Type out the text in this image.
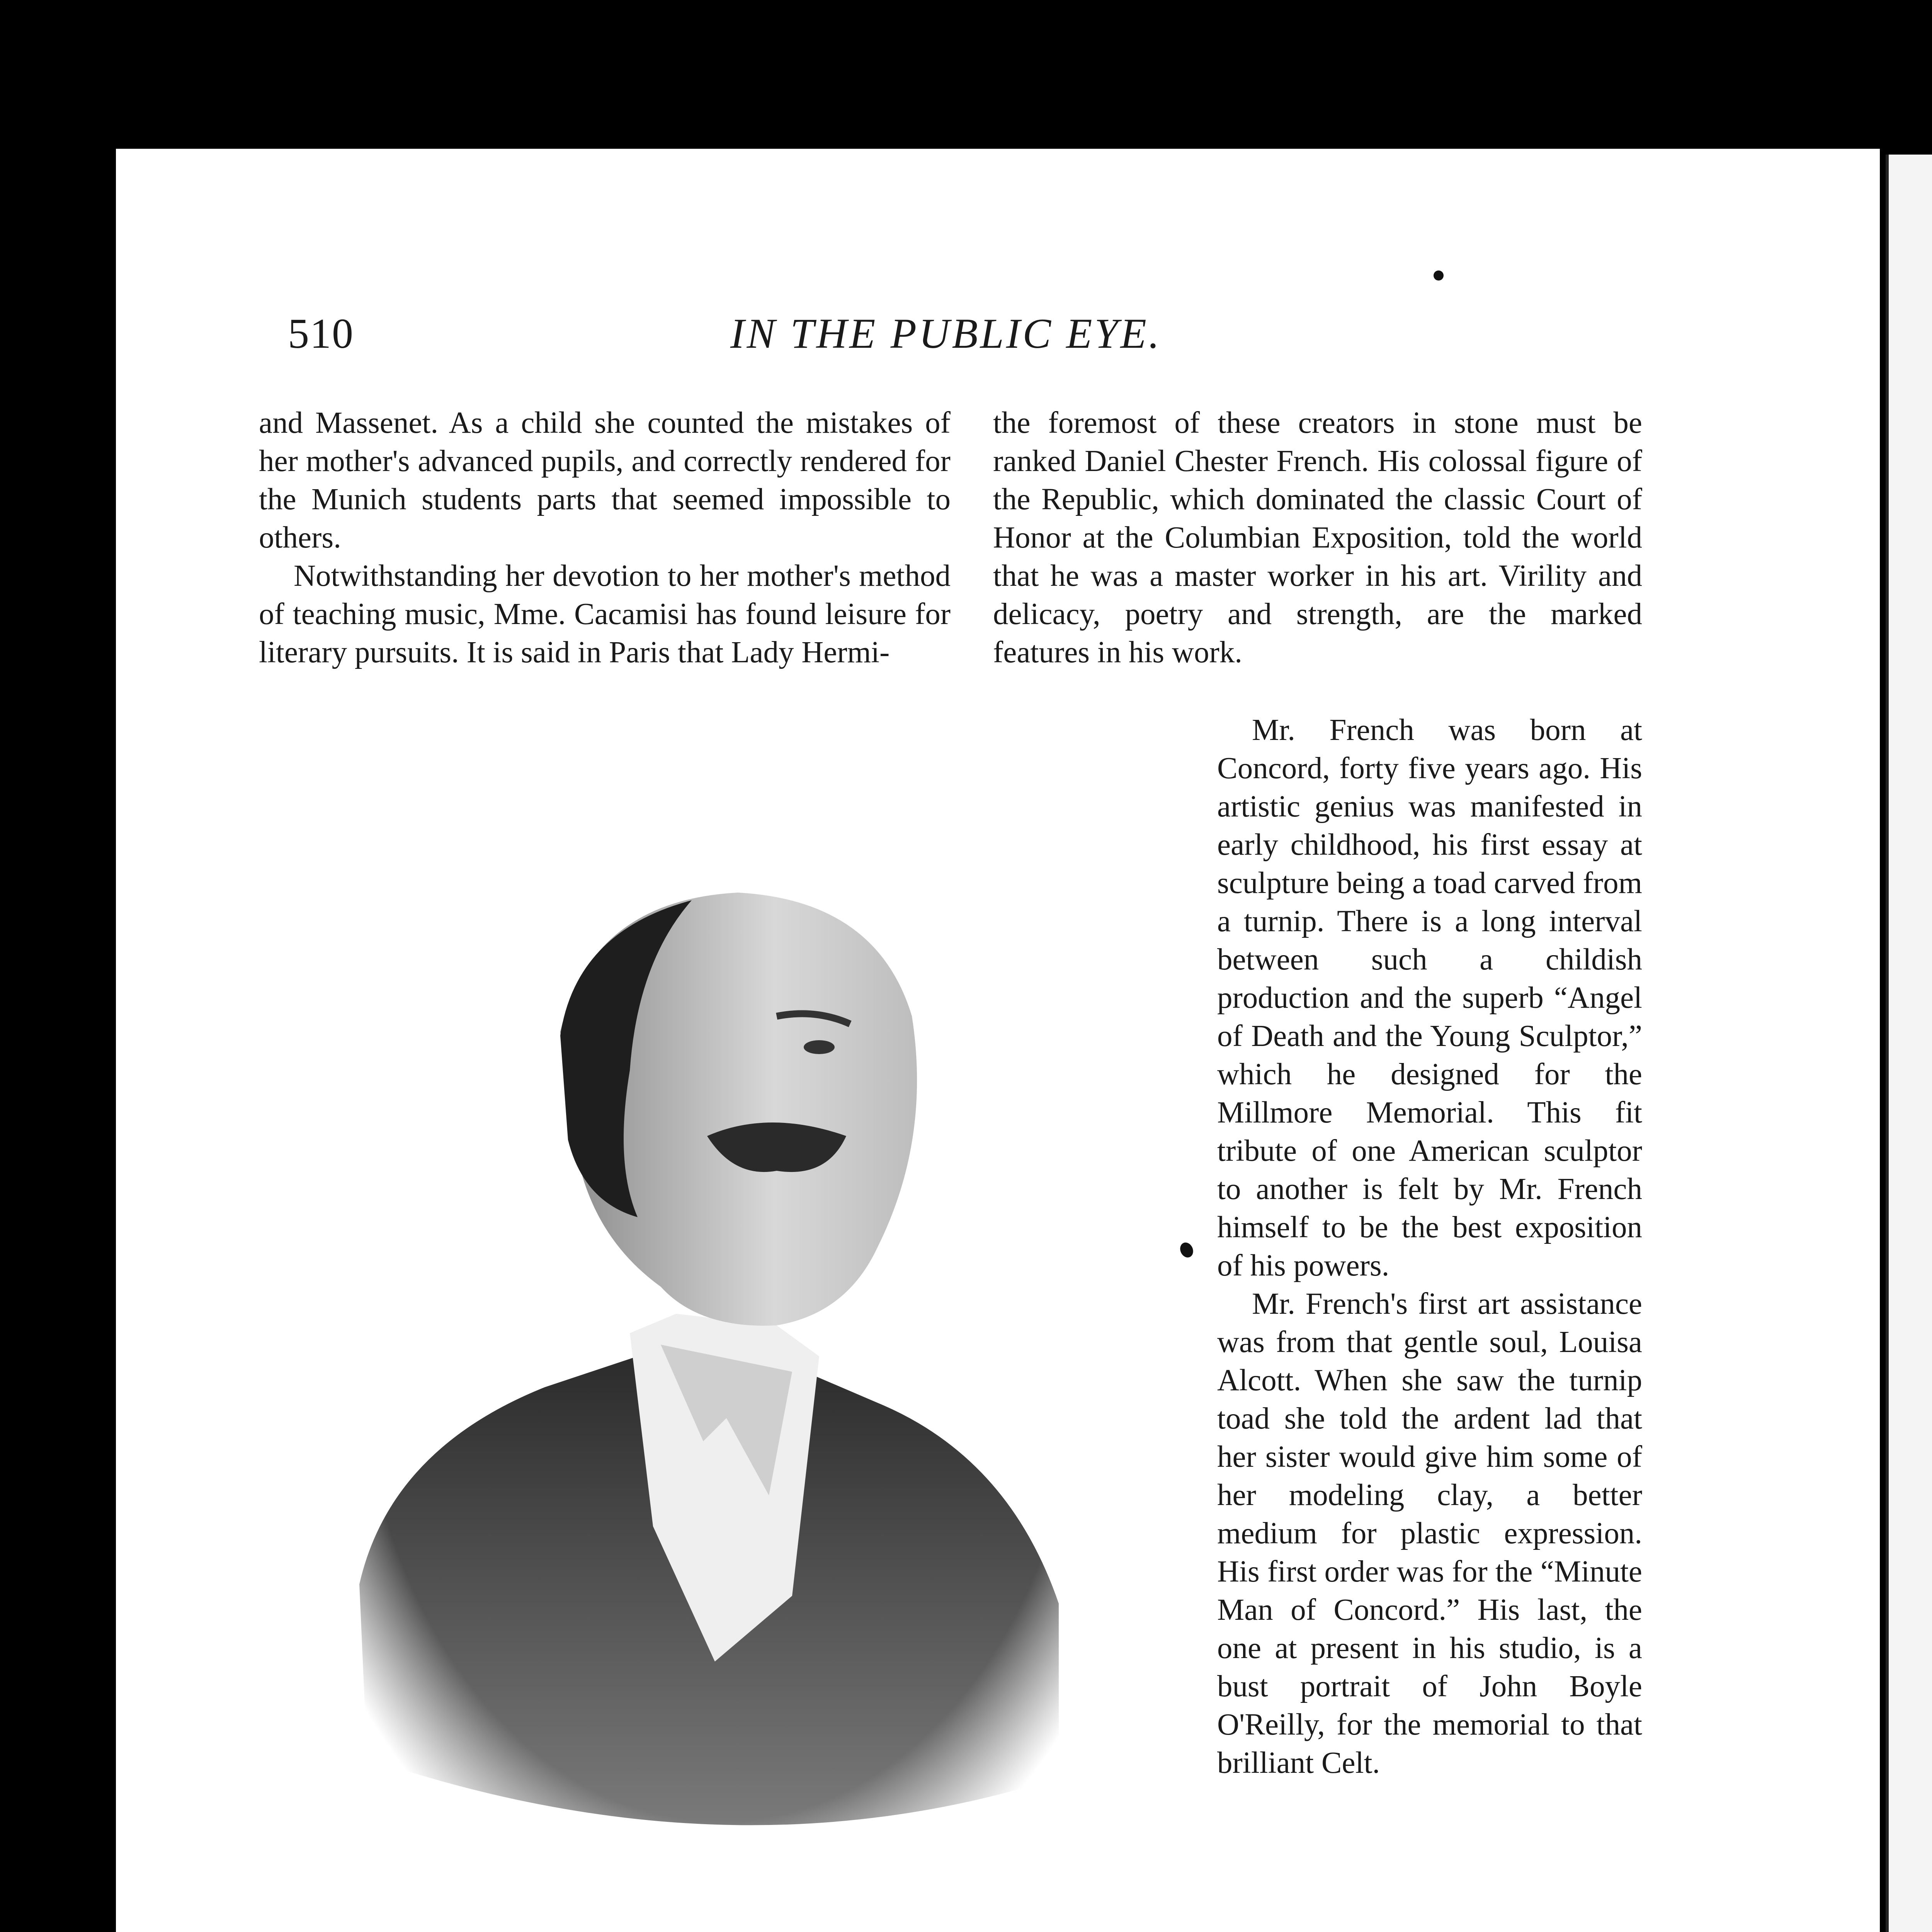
510	IN THE PUBLIC EYE.

and Massenet. As a child she counted the mistakes of her mother's advanced pupils, and correctly rendered for the Munich students parts that seemed impossible to others.

Notwithstanding her devotion to her mother's method of teaching music, Mme. Cacamisi has found leisure for literary pursuits. It is said in Paris that Lady Hermi-

the foremost of these creators in stone must be ranked Daniel Chester French. His colossal figure of the Republic, which dominated the classic Court of Honor at the Columbian Exposition, told the world that he was a master worker in his art. Virility and delicacy, poetry and strength, are the marked features in his work.

Mr. French was born at Concord, forty five years ago. His artistic genius was manifested in early childhood, his first essay at sculpture being a toad carved from a turnip. There is a long interval between such a childish production and the superb “Angel of Death and the Young Sculptor,” which he designed for the Millmore Memorial. This fit tribute of one American sculptor to another is felt by Mr. French himself to be the best exposition of his powers.

Mr. French's first art assistance was from that gentle soul, Louisa Alcott. When she saw the turnip toad she told the ardent lad that her sister would give him some of her modeling clay, a better medium for plastic expression. His first order was for the “Minute Man of Concord.” His last, the one at present in his studio, is a bust portrait of John Boyle O'Reilly, for the memorial to that brilliant Celt.
